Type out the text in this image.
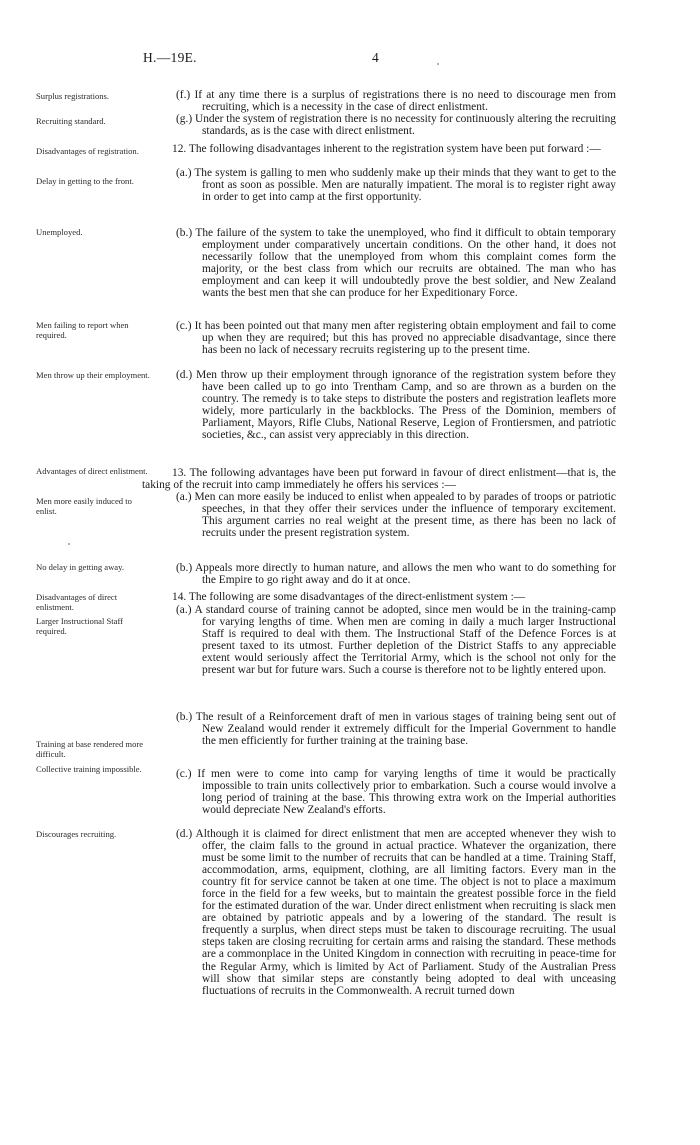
H.—19E.	4
Surplus registrations.
Recruiting standard.
Disadvantages of registration.
Delay in getting to the front.
Unemployed.
Men failing to report when required.
Men throw up their employment.
Advantages of direct enlistment.
Men more easily induced to enlist.
No delay in getting away.
Disadvantages of direct enlistment.
Larger Instructional Staff required.
Training at base rendered more difficult.
Collective training impossible.
Discourages recruiting.
(f.) If at any time there is a surplus of registrations there is no need to discourage men from recruiting, which is a necessity in the case of direct enlistment.
(g.) Under the system of registration there is no necessity for continuously altering the recruiting standards, as is the case with direct enlistment.
12. The following disadvantages inherent to the registration system have been put forward :—
(a.) The system is galling to men who suddenly make up their minds that they want to get to the front as soon as possible. Men are naturally impatient. The moral is to register right away in order to get into camp at the first opportunity.
(b.) The failure of the system to take the unemployed, who find it difficult to obtain temporary employment under comparatively uncertain conditions. On the other hand, it does not necessarily follow that the unemployed from whom this complaint comes form the majority, or the best class from which our recruits are obtained. The man who has employment and can keep it will undoubtedly prove the best soldier, and New Zealand wants the best men that she can produce for her Expeditionary Force.
(c.) It has been pointed out that many men after registering obtain employment and fail to come up when they are required; but this has proved no appreciable disadvantage, since there has been no lack of necessary recruits registering up to the present time.
(d.) Men throw up their employment through ignorance of the registration system before they have been called up to go into Trentham Camp, and so are thrown as a burden on the country. The remedy is to take steps to distribute the posters and registration leaflets more widely, more particularly in the backblocks. The Press of the Dominion, members of Parliament, Mayors, Rifle Clubs, National Reserve, Legion of Frontiersmen, and patriotic societies, &c., can assist very appreciably in this direction.
13. The following advantages have been put forward in favour of direct enlistment—that is, the taking of the recruit into camp immediately he offers his services :—
(a.) Men can more easily be induced to enlist when appealed to by parades of troops or patriotic speeches, in that they offer their services under the influence of temporary excitement. This argument carries no real weight at the present time, as there has been no lack of recruits under the present registration system.
(b.) Appeals more directly to human nature, and allows the men who want to do something for the Empire to go right away and do it at once.
14. The following are some disadvantages of the direct-enlistment system :—
(a.) A standard course of training cannot be adopted, since men would be in the training-camp for varying lengths of time. When men are coming in daily a much larger Instructional Staff is required to deal with them. The Instructional Staff of the Defence Forces is at present taxed to its utmost. Further depletion of the District Staffs to any appreciable extent would seriously affect the Territorial Army, which is the school not only for the present war but for future wars. Such a course is therefore not to be lightly entered upon.
(b.) The result of a Reinforcement draft of men in various stages of training being sent out of New Zealand would render it extremely difficult for the Imperial Government to handle the men efficiently for further training at the training base.
(c.) If men were to come into camp for varying lengths of time it would be practically impossible to train units collectively prior to embarkation. Such a course would involve a long period of training at the base. This throwing extra work on the Imperial authorities would depreciate New Zealand's efforts.
(d.) Although it is claimed for direct enlistment that men are accepted whenever they wish to offer, the claim falls to the ground in actual practice. Whatever the organization, there must be some limit to the number of recruits that can be handled at a time. Training Staff, accommodation, arms, equipment, clothing, are all limiting factors. Every man in the country fit for service cannot be taken at one time. The object is not to place a maximum force in the field for a few weeks, but to maintain the greatest possible force in the field for the estimated duration of the war. Under direct enlistment when recruiting is slack men are obtained by patriotic appeals and by a lowering of the standard. The result is frequently a surplus, when direct steps must be taken to discourage recruiting. The usual steps taken are closing recruiting for certain arms and raising the standard. These methods are a commonplace in the United Kingdom in connection with recruiting in peace-time for the Regular Army, which is limited by Act of Parliament. Study of the Australian Press will show that similar steps are constantly being adopted to deal with unceasing fluctuations of recruits in the Commonwealth. A recruit turned down
